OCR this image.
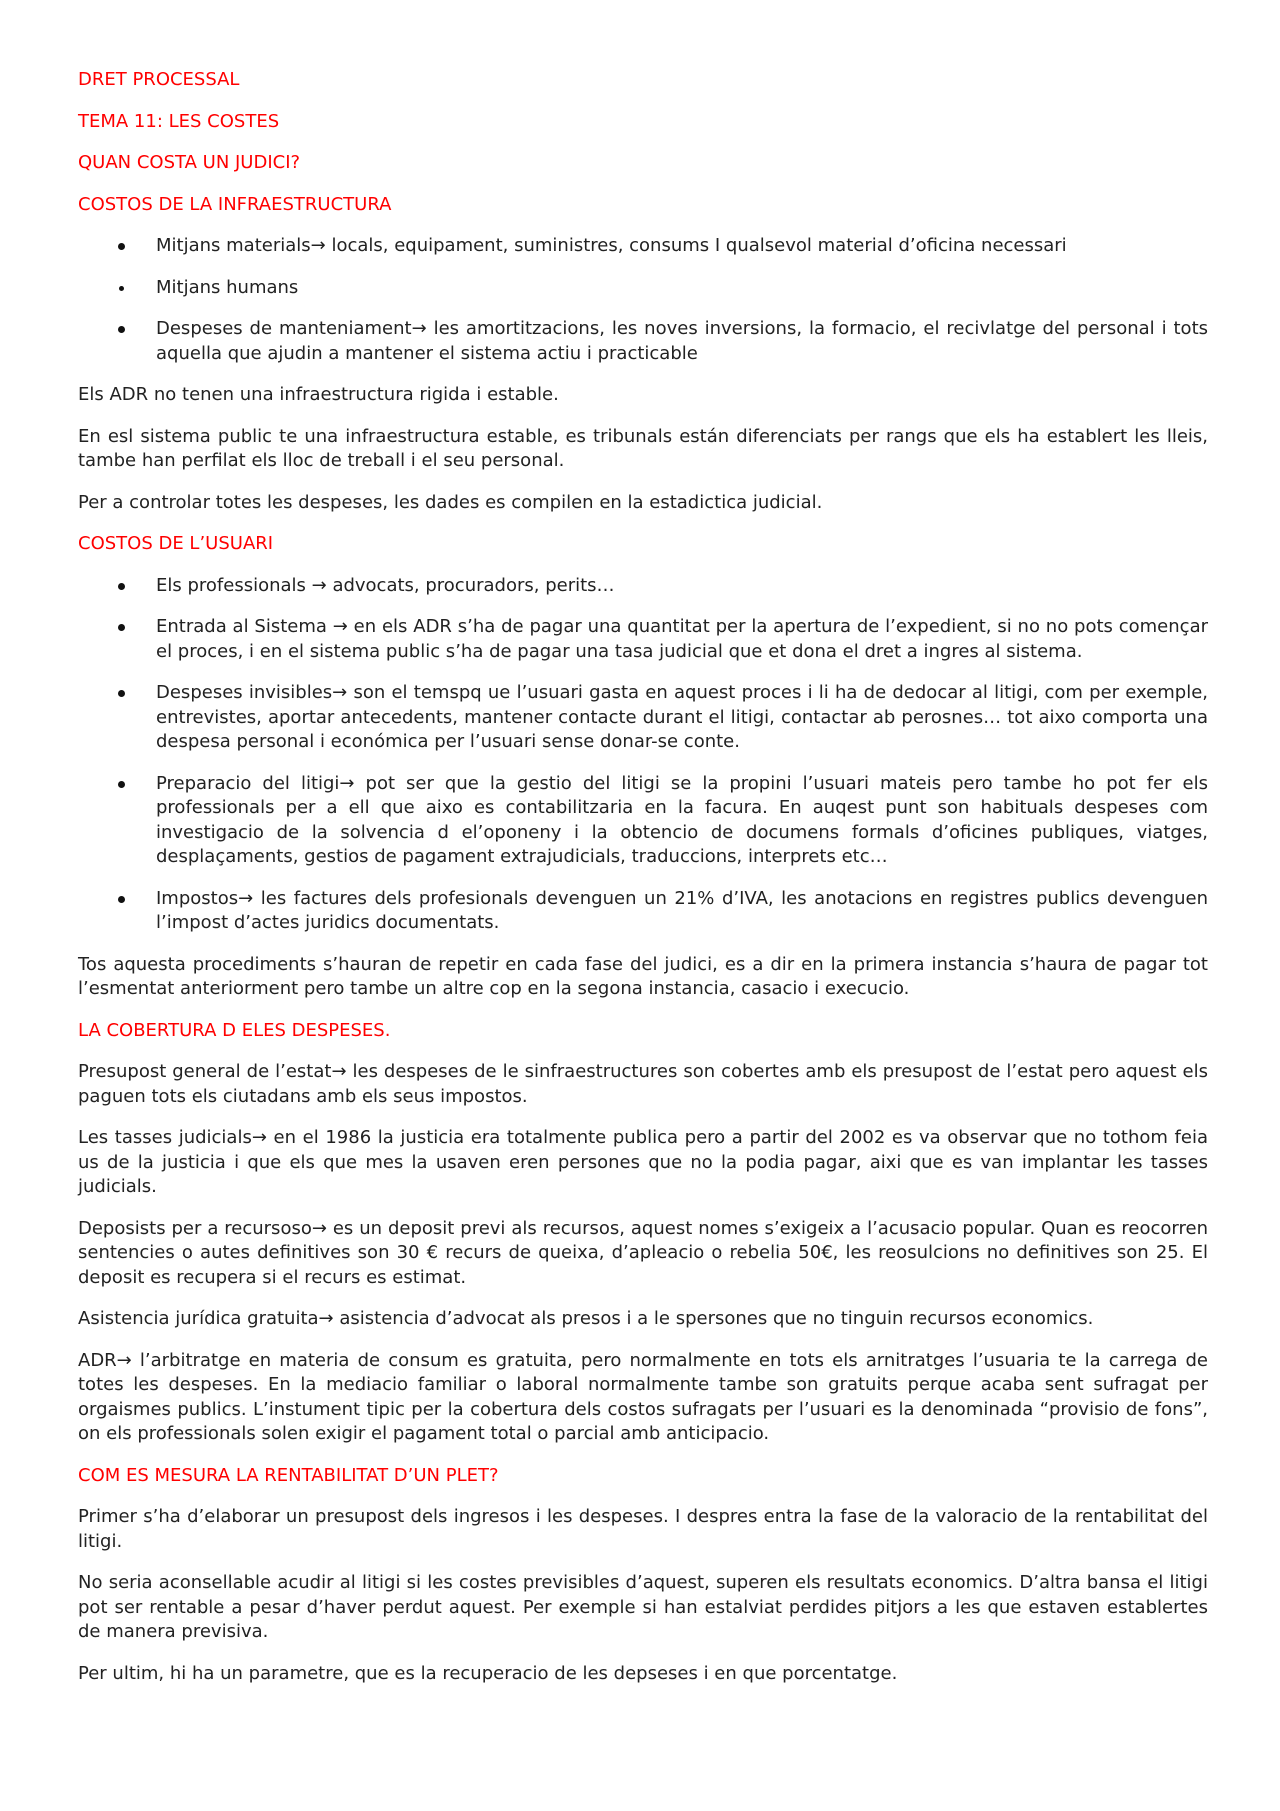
DRET PROCESSAL
TEMA 11: LES COSTES
QUAN COSTA UN JUDICI?
COSTOS DE LA INFRAESTRUCTURA
Mitjans materials→ locals, equipament, suministres, consums I qualsevol material d’oficina necessari
Mitjans humans
Despeses de manteniament→ les amortitzacions, les noves inversions, la formacio, el recivlatge del personal i tots aquella que ajudin a mantener el sistema actiu i practicable

Els ADR no tenen una infraestructura rigida i estable.

En esl sistema public te una infraestructura estable, es tribunals están diferenciats per rangs que els ha establert les lleis, tambe han perfilat els lloc de treball i el seu personal.

Per a controlar totes les despeses, les dades es compilen en la estadictica judicial.

COSTOS DE L’USUARI
Els professionals → advocats, procuradors, perits…
Entrada al Sistema → en els ADR s’ha de pagar una quantitat per la apertura de l’expedient, si no no pots començar el proces, i en el sistema public s’ha de pagar una tasa judicial que et dona el dret a ingres al sistema.
Despeses invisibles→ son el temspq ue l’usuari gasta en aquest proces i li ha de dedocar al litigi, com per exemple, entrevistes, aportar antecedents, mantener contacte durant el litigi, contactar ab perosnes… tot aixo comporta una despesa personal i económica per l’usuari sense donar-se conte.
Preparacio del litigi→ pot ser que la gestio del litigi se la propini l’usuari mateis pero tambe ho pot fer els professionals per a ell que aixo es contabilitzaria en la facura. En auqest punt son habituals despeses com investigacio de la solvencia d el’oponeny i la obtencio de documens formals d’oficines publiques, viatges, desplaçaments, gestios de pagament extrajudicials, traduccions, interprets etc…
Impostos→ les factures dels profesionals devenguen un 21% d’IVA, les anotacions en registres publics devenguen l’impost d’actes juridics documentats.

Tos aquesta procediments s’hauran de repetir en cada fase del judici, es a dir en la primera instancia s’haura de pagar tot l’esmentat anteriorment pero tambe un altre cop en la segona instancia, casacio i execucio.

LA COBERTURA D ELES DESPESES.

Presupost general de l’estat→ les despeses de le sinfraestructures son cobertes amb els presupost de l’estat pero aquest els paguen tots els ciutadans amb els seus impostos.

Les tasses judicials→ en el 1986 la justicia era totalmente publica pero a partir del 2002 es va observar que no tothom feia us de la justicia i que els que mes la usaven eren persones que no la podia pagar, aixi que es van implantar les tasses judicials.

Deposists per a recursoso→ es un deposit previ als recursos, aquest nomes s’exigeix a l’acusacio popular. Quan es reocorren sentencies o autes definitives son 30 € recurs de queixa, d’apleacio o rebelia 50€, les reosulcions no definitives son 25. El deposit es recupera si el recurs es estimat.

Asistencia jurídica gratuita→ asistencia d’advocat als presos i a le spersones que no tinguin recursos economics.

ADR→ l’arbitratge en materia de consum es gratuita, pero normalmente en tots els arnitratges l’usuaria te la carrega de totes les despeses. En la mediacio familiar o laboral normalmente tambe son gratuits perque acaba sent sufragat per orgaismes publics. L’instument tipic per la cobertura dels costos sufragats per l’usuari es la denominada “provisio de fons”, on els professionals solen exigir el pagament total o parcial amb anticipacio.

COM ES MESURA LA RENTABILITAT D’UN PLET?

Primer s’ha d’elaborar un presupost dels ingresos i les despeses. I despres entra la fase de la valoracio de la rentabilitat del litigi.

No seria aconsellable acudir al litigi si les costes previsibles d’aquest, superen els resultats economics. D’altra bansa el litigi pot ser rentable a pesar d’haver perdut aquest. Per exemple si han estalviat perdides pitjors a les que estaven establertes de manera previsiva.

Per ultim, hi ha un parametre, que es la recuperacio de les depseses i en que porcentatge.
